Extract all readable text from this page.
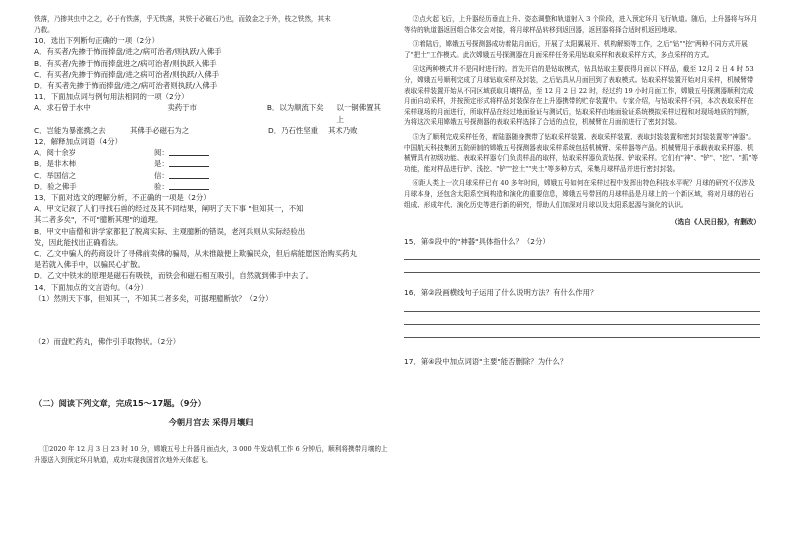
铁落，乃掺其虫中之之，必于有铁落，乎无铁落，其铁于必破石乃也，而敛金之于外，枝之铁然，其末

乃救。

10．选出下列断句正确的一项（2分）

A．有买者/先掺于怖而捧盘/进之/病可治者/则执跃/入佛手

B．有买者/先掺于怖而捧盘进之/病可治者/则执跃入佛手

C．有买者/先掺于怖而捧盘/进之病可治者/则执跃/入佛手

D．有买者先掺于怖而捧盘/进之/病可治者则执跃/入佛手

11．下面加点词与例句用法相同的一项（2分）

A．求石曾于水中	卖药于市	B．以为顺流下矣	以一铜佛置其上
C．岂能为暴涨携之去	其佛手必磁石为之	D．乃石性坚重	其术乃败

12．解释加点词语（4分）

A．阅十余岁	阅：
B．是非木柿	是：
C．举国信之	信：
D．验之佛手	验：

13．下面对选文的理解分析，不正确的一项是（2分）

A．甲文记叙了人们寻找石兽的经过及其不同结果，阐明了天下事 "但知其一，不知

其二者多矣"，不可"臆断其理"的道理。

B．甲文中庙僧和讲学家都犯了脱离实际、主观臆断的错误，老河兵则从实际经验出

发，因此能找出正确看法。

C．乙文中骗人的药商设计了寻佛前卖佛的骗局，从未推敲便上欺骗民众，但后病能愿医治购买药丸

是若就入佛手中，以骗民心扩散。

D．乙文中铁末的原理是磁石有吸铁，而铁会和磁石相互吸引，自然就到佛手中去了。

14．下面加点的文言语句。（4分）

（1）然则天下事，但知其一，不知其二者多矣，可据理臆断欤？（2分）

（2）而盘贮药丸，佛作引手取物状。（2分）

（二）阅读下列文章，完成15～17题。（9分）

今朝月宫去 采得月壤归

①2020 年 12 月 3 日 23 时 10 分，嫦娥五号上升器月面点火，3 000 牛发动机工作 6 分钟后，顺利将携带月壤的上升器送入到预定环月轨道，成功实现我国首次地外天体起飞。

②点火起飞后，上升器经历垂直上升、姿态调整和轨道射入 3 个阶段，进入预定环月飞行轨道。随后，上升器将与环月等待的轨道器返回组合体交会对接，将月球样品转移到返回器，返回器将择合适时机返回地球。

③着陆后，嫦娥五号探测器成功着陆月面后，开展了太阳翼展开、机构解锁等工作，之后"钻""挖"两种不同方式开展了"把土"工作模式。此次嫦娥五号探测器在月面采样任务采用钻取采样和表取采样方式，多点采样的方式。

④这两种模式并不是同时进行的。首先开启的是钻取模式，钻具钻取主要获得月面以下样品，截至 12月 2 日 4 时 53 分，嫦娥五号顺利完成了月球钻取采样及封装，之后钻具从月面回到了表取模式。钻取采样装置开始对月采样，机械臂带表取采样装置开始从不同区域获取月壤样品，至 12 月 2 日 22 时，经过约 19 小时月面工作，嫦娥五号探测器顺利完成月面自动采样，并按预定形式将样品封装保存在上升器携带的贮存装置中。专家介绍，与钻取采样不同，本次表取采样在采样现场的月面进行，所取样品在经过地面验证与测试后，钻取采样由地面验证系统模拟采样过程和对现场地质的判断，为将这次采用嫦娥五号探测器的表取采样选择了合适的点位，机械臂在月面前进行了密封封装。

⑤为了顺利完成采样任务，着陆器随身携带了钻取采样装置、表取采样装置、表取封装装置和密封封装装置等"神器"。中国航天科技集团五院研制的嫦娥五号探测器表取采样系统包括机械臂、采样器等产品。机械臂用于承载表取采样器、机械臂具有初级功能、表取采样器专门负责样品的取样，钻取采样器负责钻探、铲取采样。它们有"神"、"铲"、"挖"、"抓"等功能，能对样品进行铲、浅挖、"铲""挖土""夹土"等多种方式，采集月球样品并进行密封封装。

⑥距人类上一次月球采样已有 40 多年时间，嫦娥五号如何在采样过程中发挥出特色科技水平呢？月球的研究不仅涉及月球本身，还包含太阳系空间构造和演化的重要信息，嫦娥五号带回的月球样品是月球上的一个新区域，将对月球的岩石组成、形成年代、演化历史等进行新的研究，帮助人们加深对月球以及太阳系起源与演化的认识。

（选自《人民日报》，有删改）

15．第⑤段中的"神器"具体指什么？（2分）

16．第②段画横线句子运用了什么说明方法？有什么作用？

17．第④段中加点词语"主要"能否删除？为什么？
